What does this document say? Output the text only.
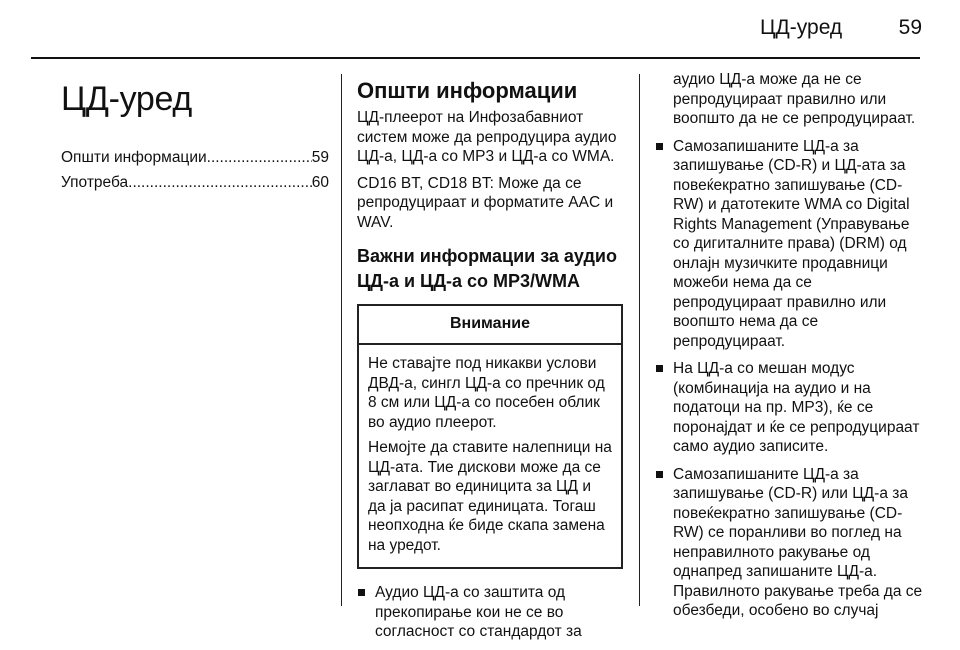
ЦД-уред	59
ЦД-уред
Општи информации .....	59
Употреба .....	60
Општи информации

ЦД-плеерот на Инфозабавниот систем може да репродуцира аудио ЦД-а, ЦД-а со MP3 и ЦД-а со WMA.

CD16 BT, CD18 BT: Може да се репродуцираат и форматите AAC и WAV.

Важни информации за аудио ЦД-а и ЦД-а со MP3/WMA
Внимание

Не ставајте под никакви услови ДВД-а, сингл ЦД-а со пречник од 8 см или ЦД-а со посебен облик во аудио плеерот.

Немојте да ставите налепници на ЦД-ата. Тие дискови може да се заглават во единицита за ЦД и да ја расипат единицата. Тогаш неопходна ќе биде скапа замена на уредот.

Аудио ЦД-а со заштита од прекопирање кои не се во согласност со стандардот за
аудио ЦД-а може да не се репродуцираат правилно или воопшто да не се репродуцираат.
Самозапишаните ЦД-а за запишување (CD-R) и ЦД-ата за повеќекратно запишување (CD-RW) и датотеките WMA со Digital Rights Management (Управување со дигиталните права) (DRM) од онлајн музичките продавници можеби нема да се репродуцираат правилно или воопшто нема да се репродуцираат.
На ЦД-а со мешан модус (комбинација на аудио и на податоци на пр. MP3), ќе се поронајдат и ќе се репродуцираат само аудио записите.
Самозапишаните ЦД-а за запишување (CD-R) или ЦД-а за повеќекратно запишување (CD-RW) се поранливи во поглед на неправилното ракување од однапред запишаните ЦД-а. Правилното ракување треба да се обезбеди, особено во случај
